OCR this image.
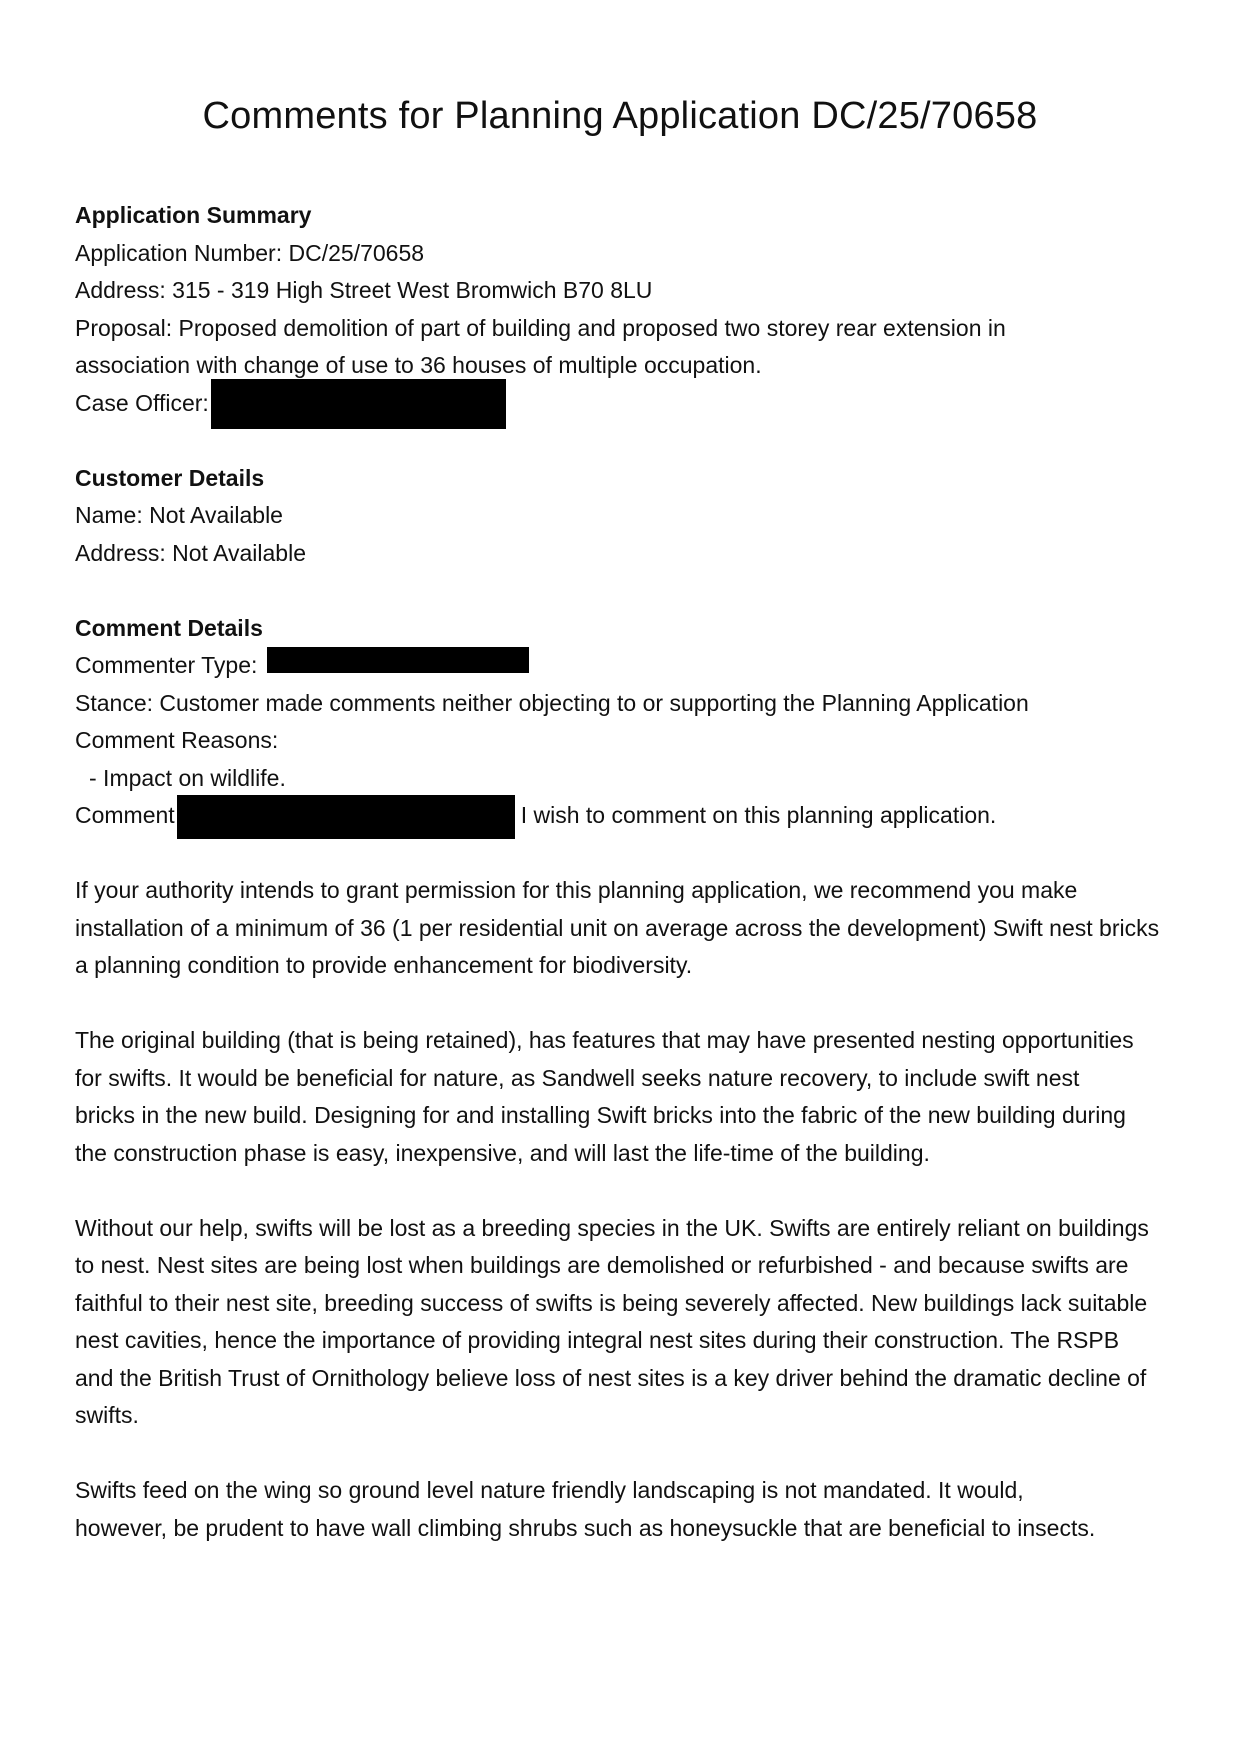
Comments for Planning Application DC/25/70658
Application Summary
Application Number: DC/25/70658
Address: 315 - 319 High Street West Bromwich B70 8LU
Proposal: Proposed demolition of part of building and proposed two storey rear extension in association with change of use to 36 houses of multiple occupation.
Case Officer:
Customer Details
Name: Not Available
Address: Not Available
Comment Details
Commenter Type:
Stance: Customer made comments neither objecting to or supporting the Planning Application
Comment Reasons:
- Impact on wildlife.
Comment	I wish to comment on this planning application.

If your authority intends to grant permission for this planning application, we recommend you make installation of a minimum of 36 (1 per residential unit on average across the development) Swift nest bricks a planning condition to provide enhancement for biodiversity.

The original building (that is being retained), has features that may have presented nesting opportunities for swifts. It would be beneficial for nature, as Sandwell seeks nature recovery, to include swift nest bricks in the new build. Designing for and installing Swift bricks into the fabric of the new building during the construction phase is easy, inexpensive, and will last the life-time of the building.

Without our help, swifts will be lost as a breeding species in the UK. Swifts are entirely reliant on buildings to nest. Nest sites are being lost when buildings are demolished or refurbished - and because swifts are faithful to their nest site, breeding success of swifts is being severely affected. New buildings lack suitable nest cavities, hence the importance of providing integral nest sites during their construction. The RSPB and the British Trust of Ornithology believe loss of nest sites is a key driver behind the dramatic decline of swifts.

Swifts feed on the wing so ground level nature friendly landscaping is not mandated. It would, however, be prudent to have wall climbing shrubs such as honeysuckle that are beneficial to insects.
